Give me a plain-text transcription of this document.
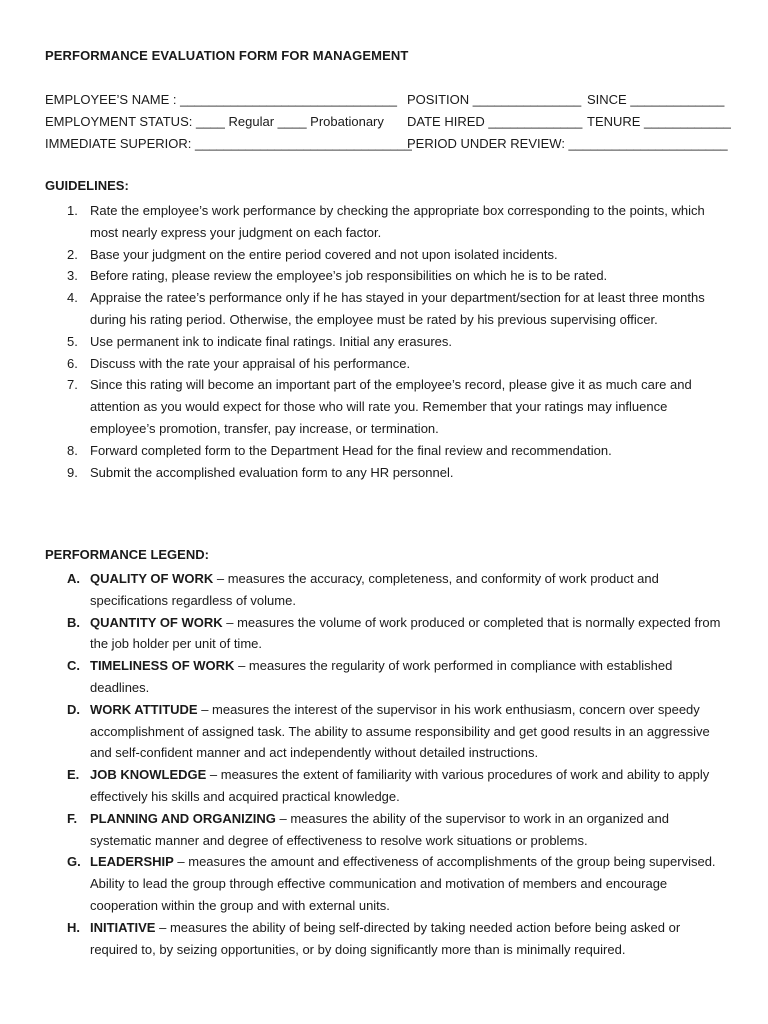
PERFORMANCE EVALUATION FORM FOR MANAGEMENT
EMPLOYEE’S NAME : ______________________________ POSITION _______________ SINCE _____________
EMPLOYMENT STATUS: ____ Regular ____ Probationary DATE HIRED _____________ TENURE ____________
IMMEDIATE SUPERIOR: ______________________________
PERIOD UNDER REVIEW: ______________________
GUIDELINES:
1. Rate the employee’s work performance by checking the appropriate box corresponding to the points, which most nearly express your judgment on each factor.
2. Base your judgment on the entire period covered and not upon isolated incidents.
3. Before rating, please review the employee’s job responsibilities on which he is to be rated.
4. Appraise the ratee’s performance only if he has stayed in your department/section for at least three months during his rating period. Otherwise, the employee must be rated by his previous supervising officer.
5. Use permanent ink to indicate final ratings. Initial any erasures.
6. Discuss with the rate your appraisal of his performance.
7. Since this rating will become an important part of the employee’s record, please give it as much care and attention as you would expect for those who will rate you. Remember that your ratings may influence employee’s promotion, transfer, pay increase, or termination.
8. Forward completed form to the Department Head for the final review and recommendation.
9. Submit the accomplished evaluation form to any HR personnel.
PERFORMANCE LEGEND:
A. QUALITY OF WORK – measures the accuracy, completeness, and conformity of work product and specifications regardless of volume.
B. QUANTITY OF WORK – measures the volume of work produced or completed that is normally expected from the job holder per unit of time.
C. TIMELINESS OF WORK – measures the regularity of work performed in compliance with established deadlines.
D. WORK ATTITUDE – measures the interest of the supervisor in his work enthusiasm, concern over speedy accomplishment of assigned task. The ability to assume responsibility and get good results in an aggressive and self-confident manner and act independently without detailed instructions.
E. JOB KNOWLEDGE – measures the extent of familiarity with various procedures of work and ability to apply effectively his skills and acquired practical knowledge.
F. PLANNING AND ORGANIZING – measures the ability of the supervisor to work in an organized and systematic manner and degree of effectiveness to resolve work situations or problems.
G. LEADERSHIP – measures the amount and effectiveness of accomplishments of the group being supervised. Ability to lead the group through effective communication and motivation of members and encourage cooperation within the group and with external units.
H. INITIATIVE – measures the ability of being self-directed by taking needed action before being asked or required to, by seizing opportunities, or by doing significantly more than is minimally required.
